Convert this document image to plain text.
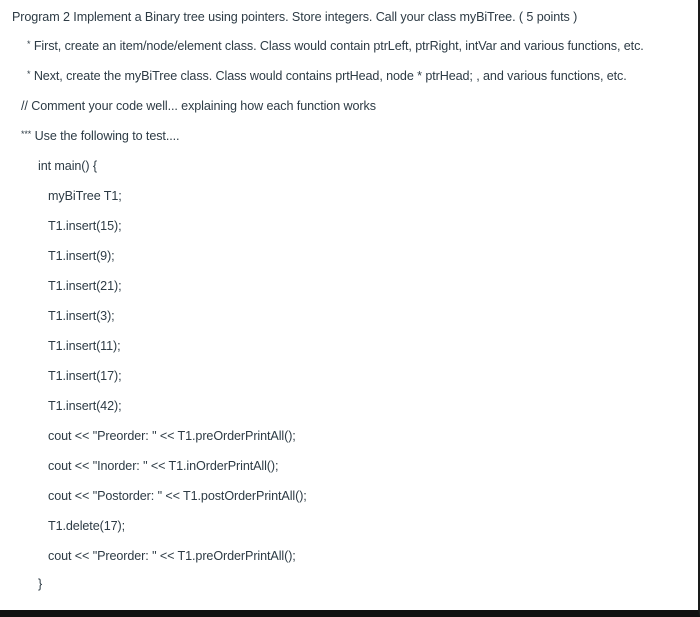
Program 2 Implement a Binary tree using pointers. Store integers. Call your class myBiTree. ( 5 points )
* First, create an item/node/element class. Class would contain ptrLeft, ptrRight, intVar and various functions, etc.
* Next, create the myBiTree class. Class would contains prtHead, node * ptrHead; , and various functions, etc.
// Comment your code well... explaining how each function works
*** Use the following to test....
int main() {
myBiTree T1;
T1.insert(15);
T1.insert(9);
T1.insert(21);
T1.insert(3);
T1.insert(11);
T1.insert(17);
T1.insert(42);
cout << "Preorder: " << T1.preOrderPrintAll();
cout << "Inorder: " << T1.inOrderPrintAll();
cout << "Postorder: " << T1.postOrderPrintAll();
T1.delete(17);
cout << "Preorder: " << T1.preOrderPrintAll();
}
